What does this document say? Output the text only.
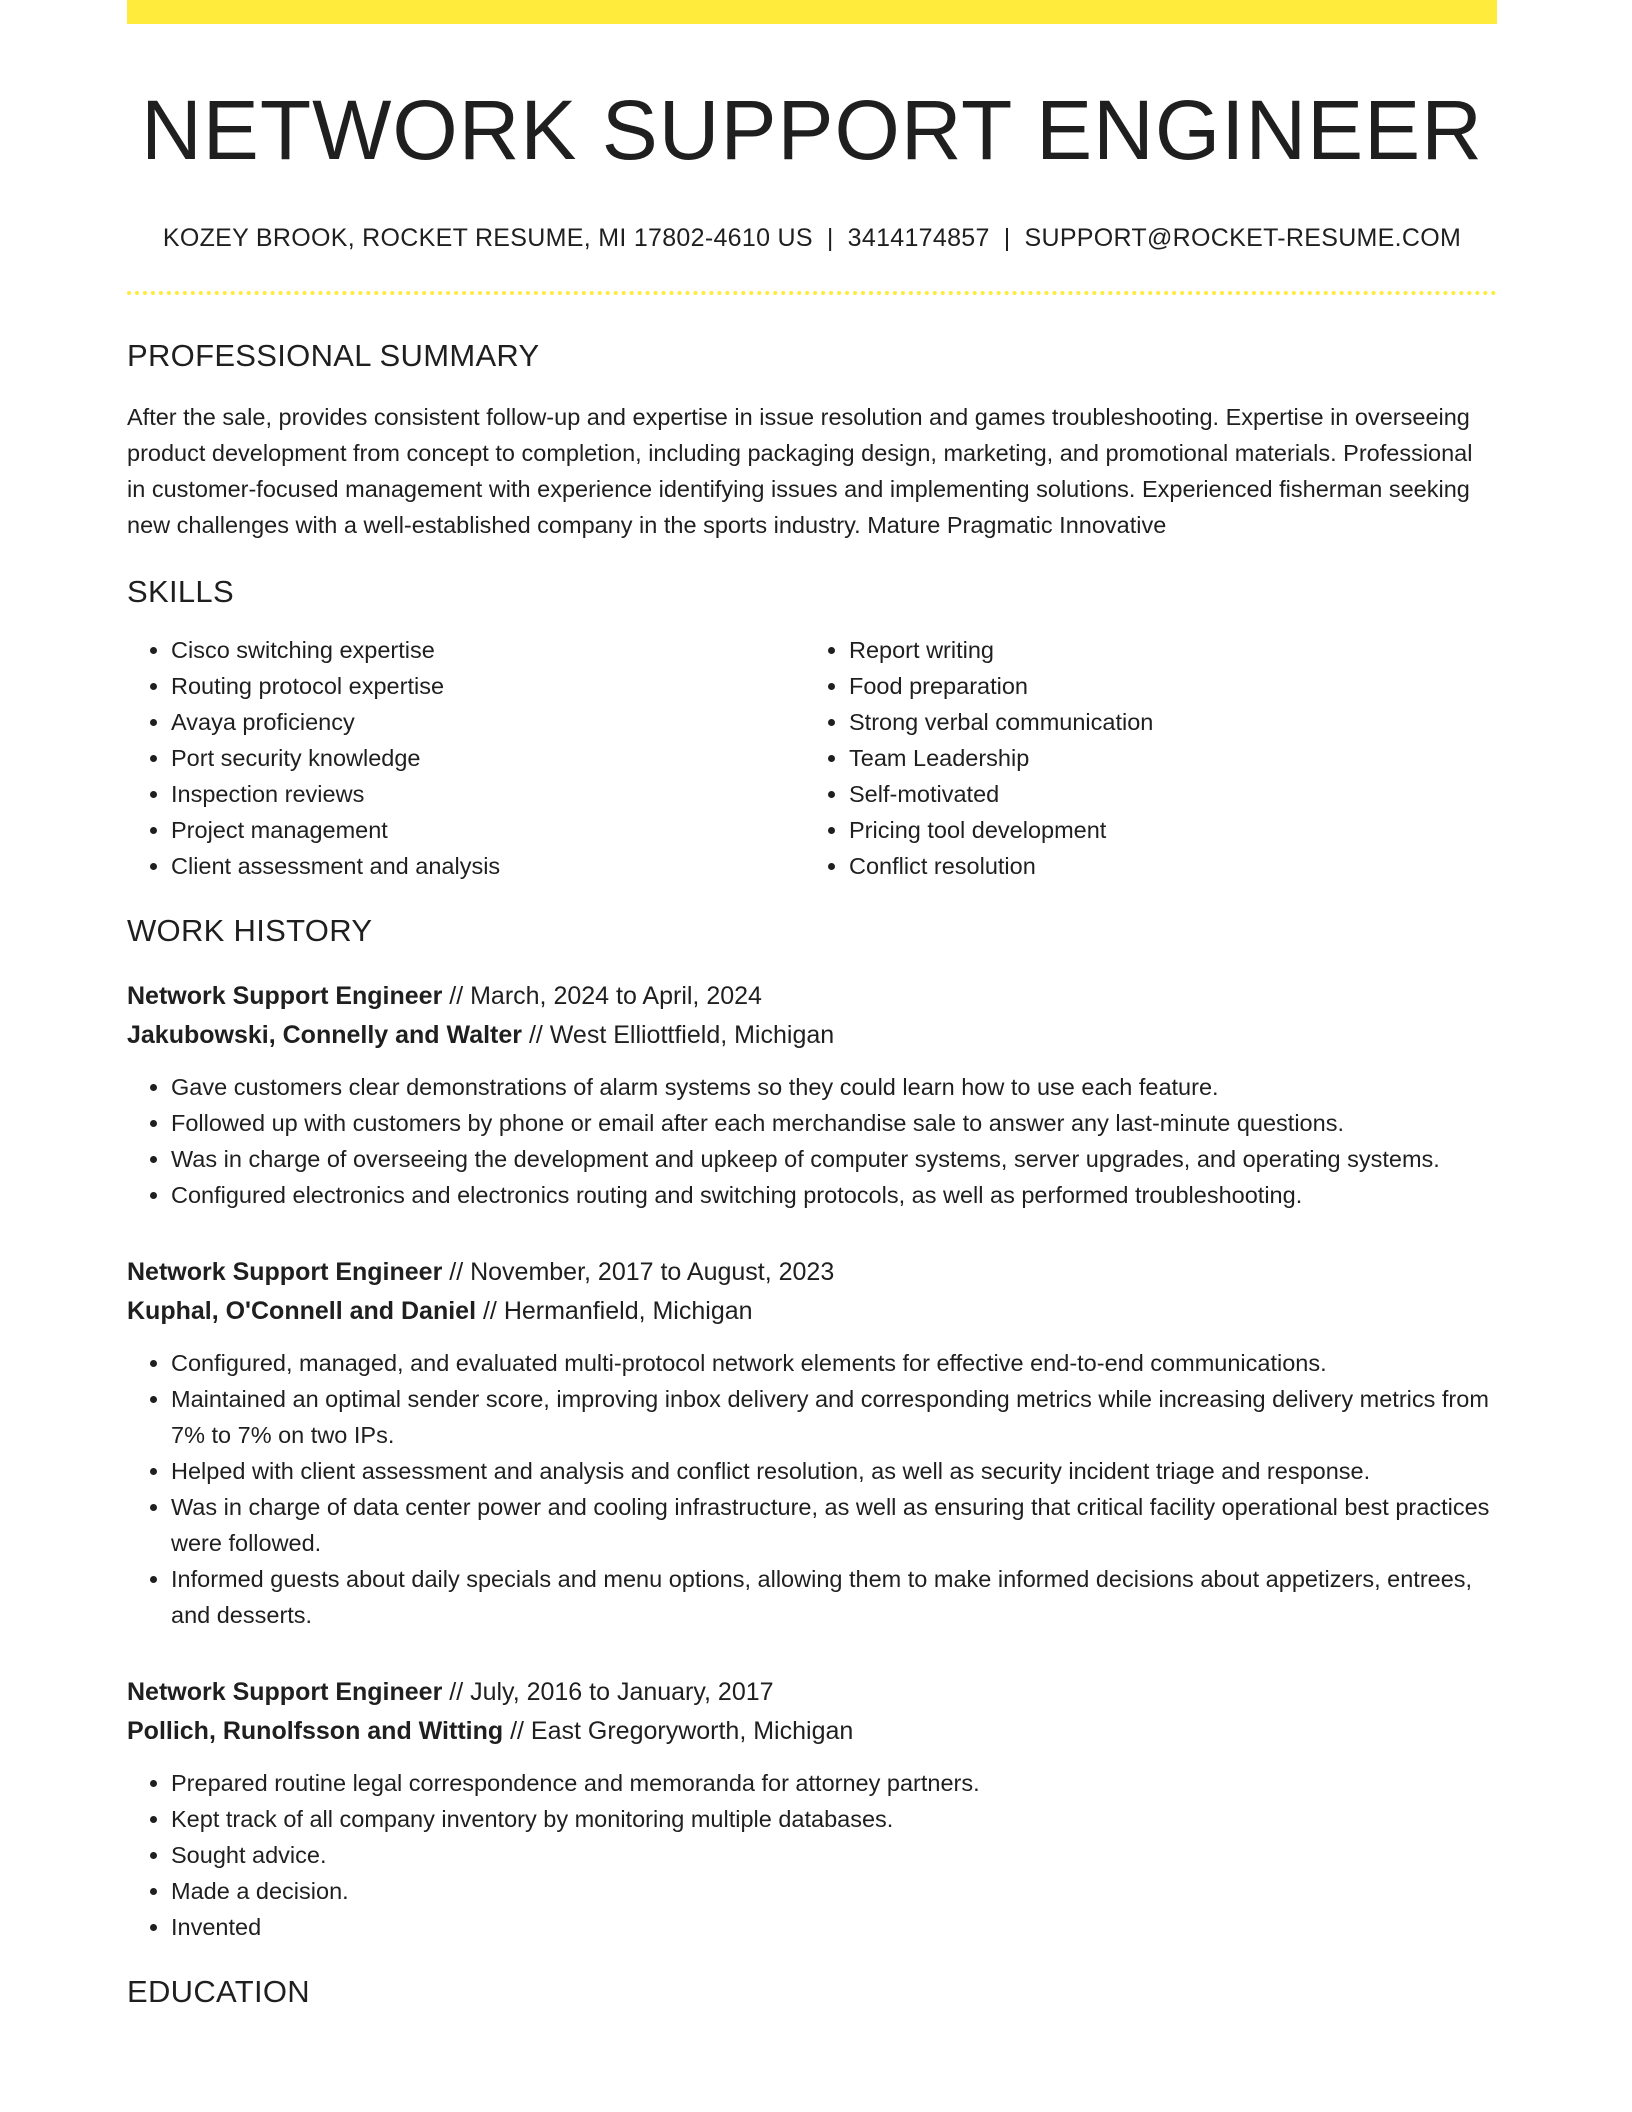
NETWORK SUPPORT ENGINEER
KOZEY BROOK, ROCKET RESUME, MI 17802-4610 US | 3414174857 | SUPPORT@ROCKET-RESUME.COM
PROFESSIONAL SUMMARY

After the sale, provides consistent follow-up and expertise in issue resolution and games troubleshooting. Expertise in overseeing product development from concept to completion, including packaging design, marketing, and promotional materials. Professional in customer-focused management with experience identifying issues and implementing solutions. Experienced fisherman seeking new challenges with a well-established company in the sports industry. Mature Pragmatic Innovative

SKILLS
• Cisco switching expertise
• Routing protocol expertise
• Avaya proficiency
• Port security knowledge
• Inspection reviews
• Project management
• Client assessment and analysis
• Report writing
• Food preparation
• Strong verbal communication
• Team Leadership
• Self-motivated
• Pricing tool development
• Conflict resolution
WORK HISTORY
Network Support Engineer // March, 2024 to April, 2024
Jakubowski, Connelly and Walter // West Elliottfield, Michigan
• Gave customers clear demonstrations of alarm systems so they could learn how to use each feature.
• Followed up with customers by phone or email after each merchandise sale to answer any last-minute questions.
• Was in charge of overseeing the development and upkeep of computer systems, server upgrades, and operating systems.
• Configured electronics and electronics routing and switching protocols, as well as performed troubleshooting.
Network Support Engineer // November, 2017 to August, 2023
Kuphal, O'Connell and Daniel // Hermanfield, Michigan
• Configured, managed, and evaluated multi-protocol network elements for effective end-to-end communications.
• Maintained an optimal sender score, improving inbox delivery and corresponding metrics while increasing delivery metrics from 7% to 7% on two IPs.
• Helped with client assessment and analysis and conflict resolution, as well as security incident triage and response.
• Was in charge of data center power and cooling infrastructure, as well as ensuring that critical facility operational best practices were followed.
• Informed guests about daily specials and menu options, allowing them to make informed decisions about appetizers, entrees, and desserts.
Network Support Engineer // July, 2016 to January, 2017
Pollich, Runolfsson and Witting // East Gregoryworth, Michigan
• Prepared routine legal correspondence and memoranda for attorney partners.
• Kept track of all company inventory by monitoring multiple databases.
• Sought advice.
• Made a decision.
• Invented
EDUCATION
